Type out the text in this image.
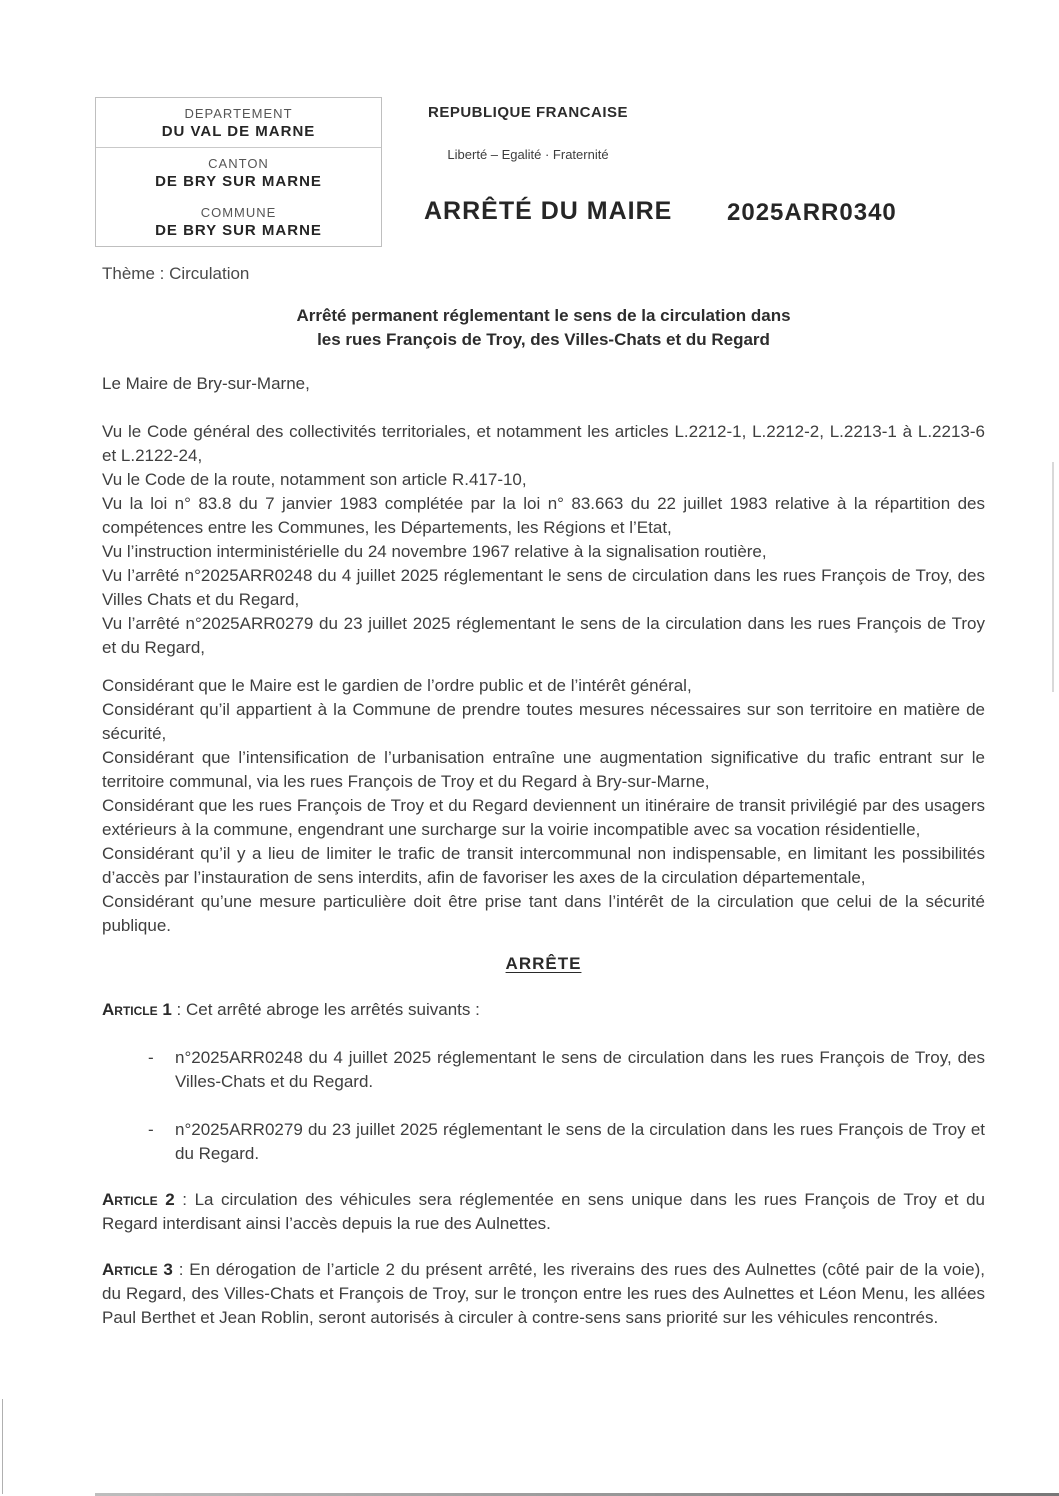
DEPARTEMENT
DU VAL DE MARNE
CANTON
DE BRY SUR MARNE
COMMUNE
DE BRY SUR MARNE
REPUBLIQUE FRANCAISE
Liberté – Egalité · Fraternité
ARRÊTÉ DU MAIRE 2025ARR0340

Thème : Circulation

Arrêté permanent réglementant le sens de la circulation dans
les rues François de Troy, des Villes-Chats et du Regard

Le Maire de Bry-sur-Marne,

Vu le Code général des collectivités territoriales, et notamment les articles L.2212-1, L.2212-2, L.2213-1 à L.2213-6 et L.2122-24,

Vu le Code de la route, notamment son article R.417-10,

Vu la loi n° 83.8 du 7 janvier 1983 complétée par la loi n° 83.663 du 22 juillet 1983 relative à la répartition des compétences entre les Communes, les Départements, les Régions et l’Etat,

Vu l’instruction interministérielle du 24 novembre 1967 relative à la signalisation routière,

Vu l’arrêté n°2025ARR0248 du 4 juillet 2025 réglementant le sens de circulation dans les rues François de Troy, des Villes Chats et du Regard,

Vu l’arrêté n°2025ARR0279 du 23 juillet 2025 réglementant le sens de la circulation dans les rues François de Troy et du Regard,

Considérant que le Maire est le gardien de l’ordre public et de l’intérêt général,

Considérant qu’il appartient à la Commune de prendre toutes mesures nécessaires sur son territoire en matière de sécurité,

Considérant que l’intensification de l’urbanisation entraîne une augmentation significative du trafic entrant sur le territoire communal, via les rues François de Troy et du Regard à Bry-sur-Marne,

Considérant que les rues François de Troy et du Regard deviennent un itinéraire de transit privilégié par des usagers extérieurs à la commune, engendrant une surcharge sur la voirie incompatible avec sa vocation résidentielle,

Considérant qu’il y a lieu de limiter le trafic de transit intercommunal non indispensable, en limitant les possibilités d’accès par l’instauration de sens interdits, afin de favoriser les axes de la circulation départementale,

Considérant qu’une mesure particulière doit être prise tant dans l’intérêt de la circulation que celui de la sécurité publique.

ARRÊTE

Article 1 : Cet arrêté abroge les arrêtés suivants :

-	n°2025ARR0248 du 4 juillet 2025 réglementant le sens de circulation dans les rues François de Troy, des Villes-Chats et du Regard.

-	n°2025ARR0279 du 23 juillet 2025 réglementant le sens de la circulation dans les rues François de Troy et du Regard.

Article 2 : La circulation des véhicules sera réglementée en sens unique dans les rues François de Troy et du Regard interdisant ainsi l’accès depuis la rue des Aulnettes.

Article 3 : En dérogation de l’article 2 du présent arrêté, les riverains des rues des Aulnettes (côté pair de la voie), du Regard, des Villes-Chats et François de Troy, sur le tronçon entre les rues des Aulnettes et Léon Menu, les allées Paul Berthet et Jean Roblin, seront autorisés à circuler à contre-sens sans priorité sur les véhicules rencontrés.
